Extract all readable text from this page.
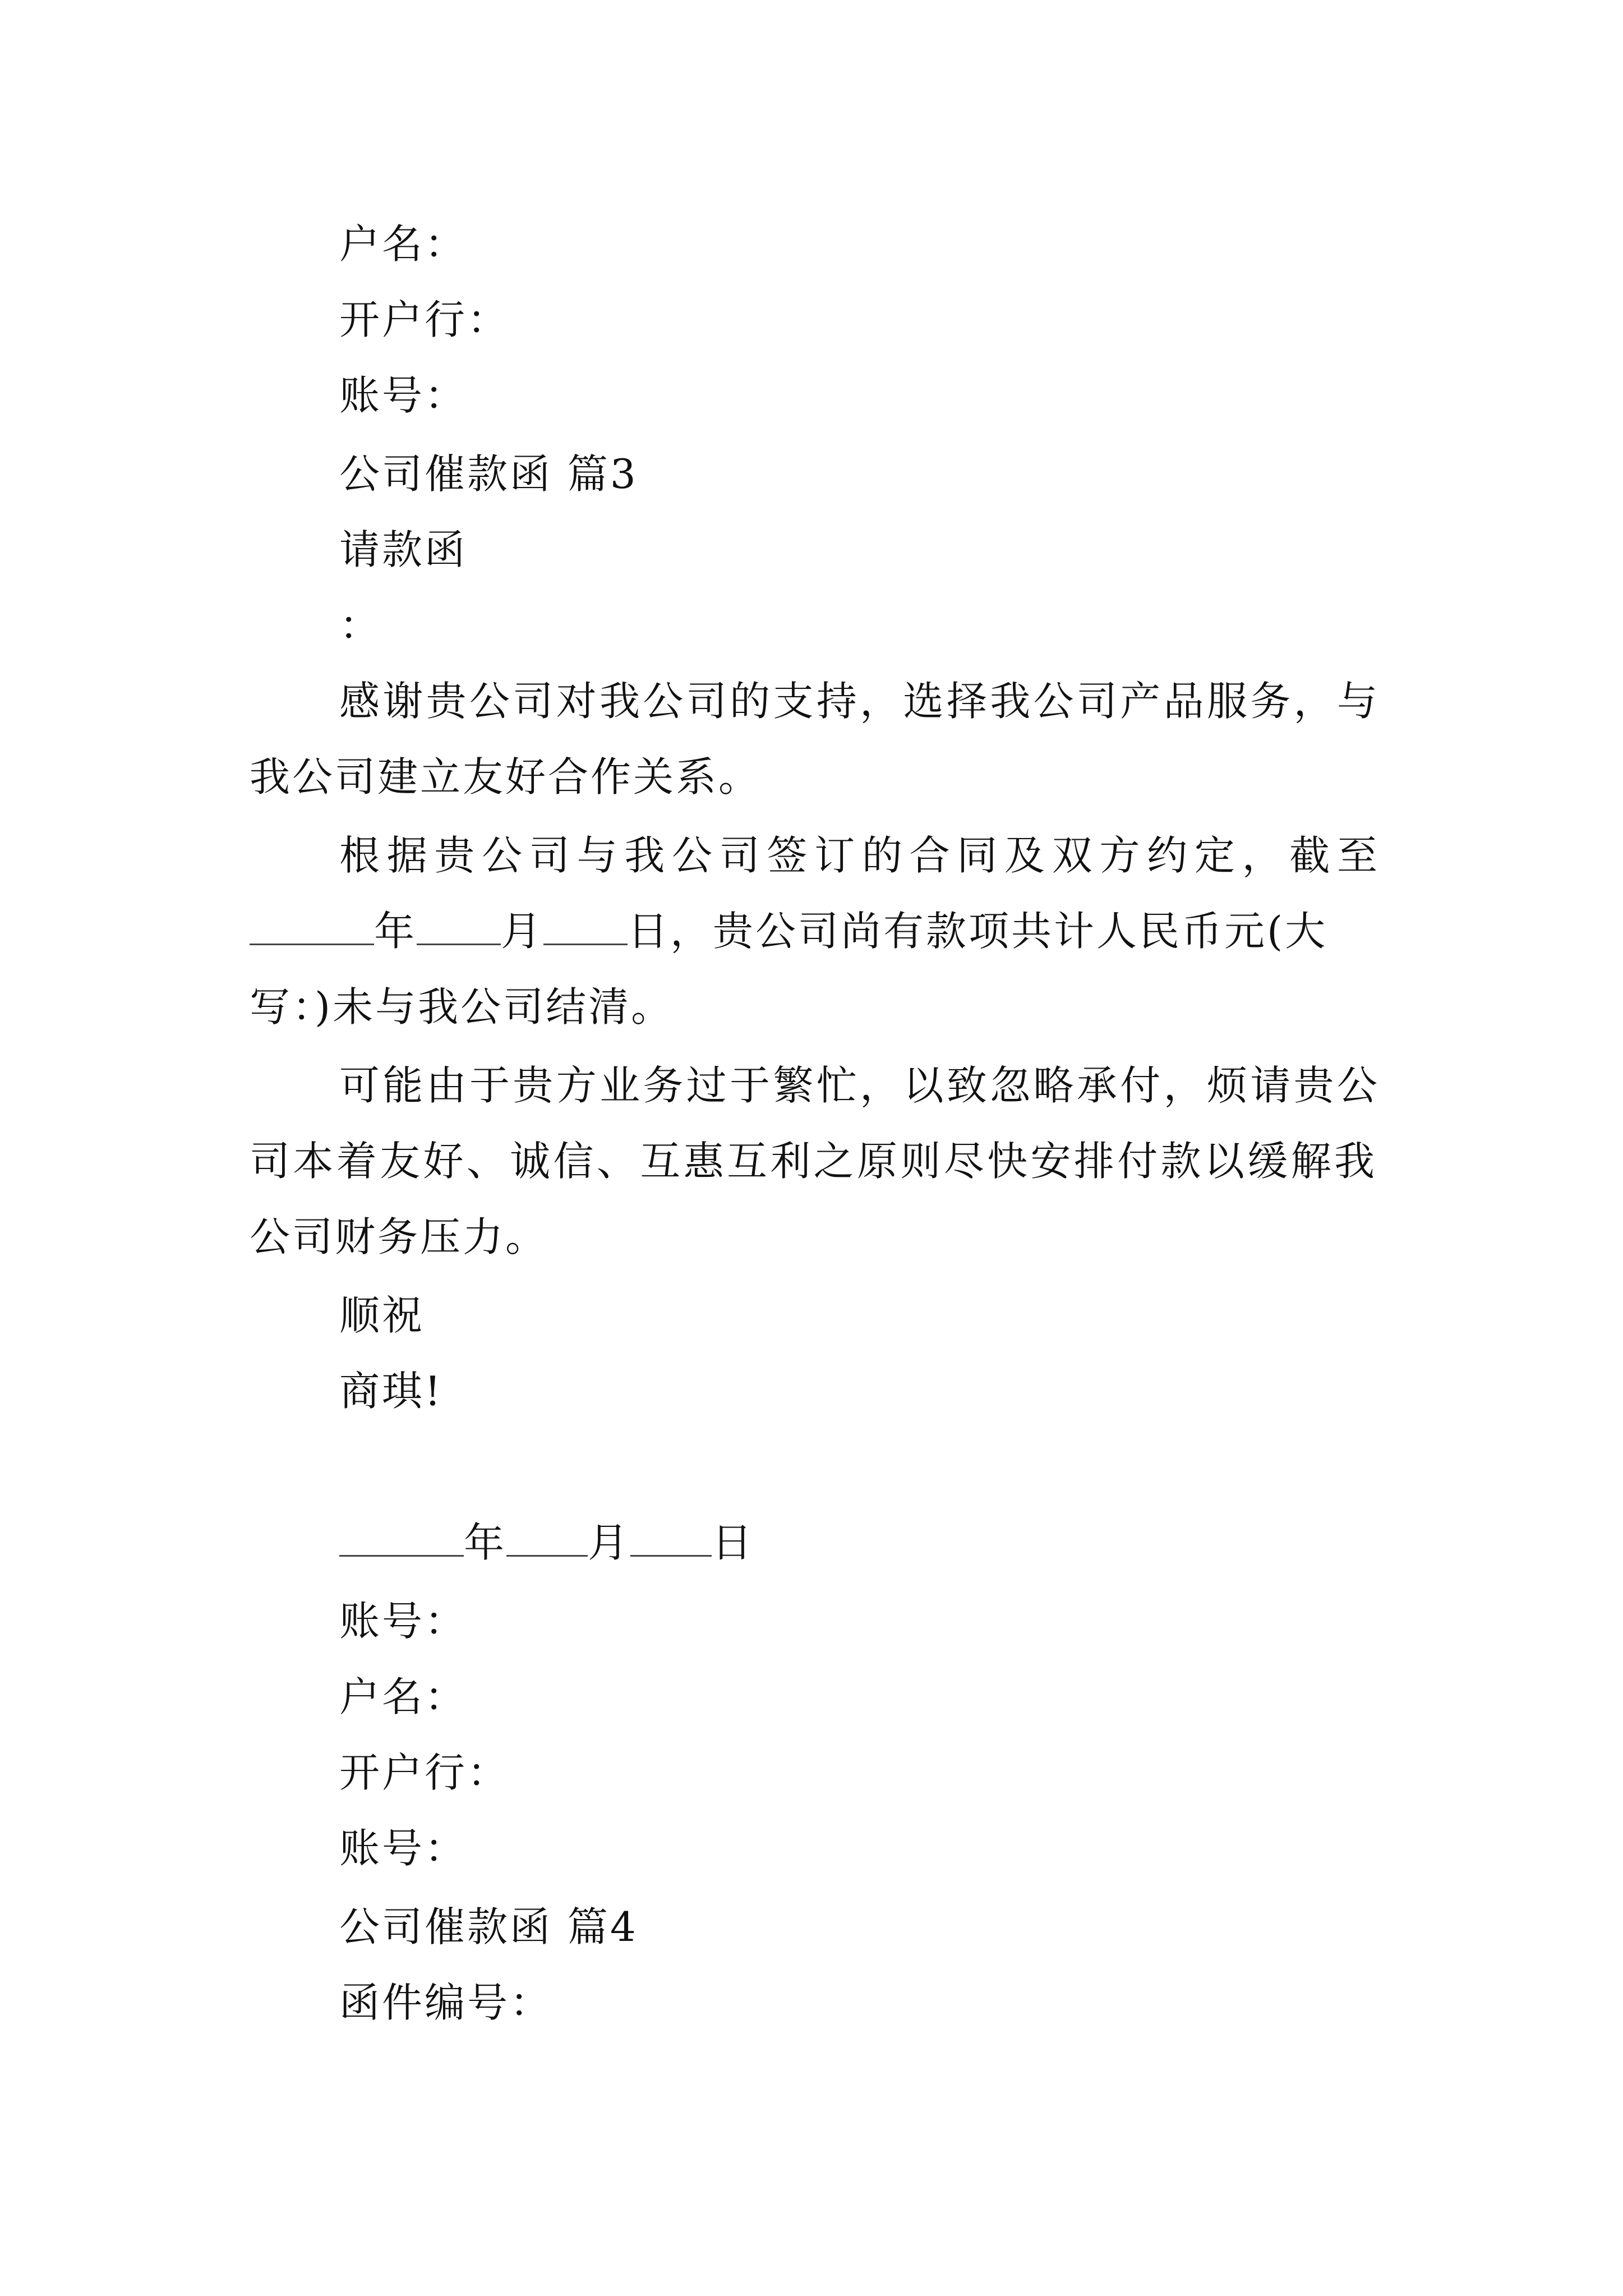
户名：
开户行：
账号：
公司催款函 篇3
请款函
：
感谢贵公司对我公司的支持，选择我公司产品服务，与
我公司建立友好合作关系。
根据贵公司与我公司签订的合同及双方约定，截至
年 月 日，贵公司尚有款项共计人民币元(大
写：)未与我公司结清。
可能由于贵方业务过于繁忙，以致忽略承付，烦请贵公
司本着友好、诚信、互惠互利之原则尽快安排付款以缓解我
公司财务压力。
顺祝
商琪!
年 月 日
账号：
户名：
开户行：
账号：
公司催款函 篇4
函件编号：
